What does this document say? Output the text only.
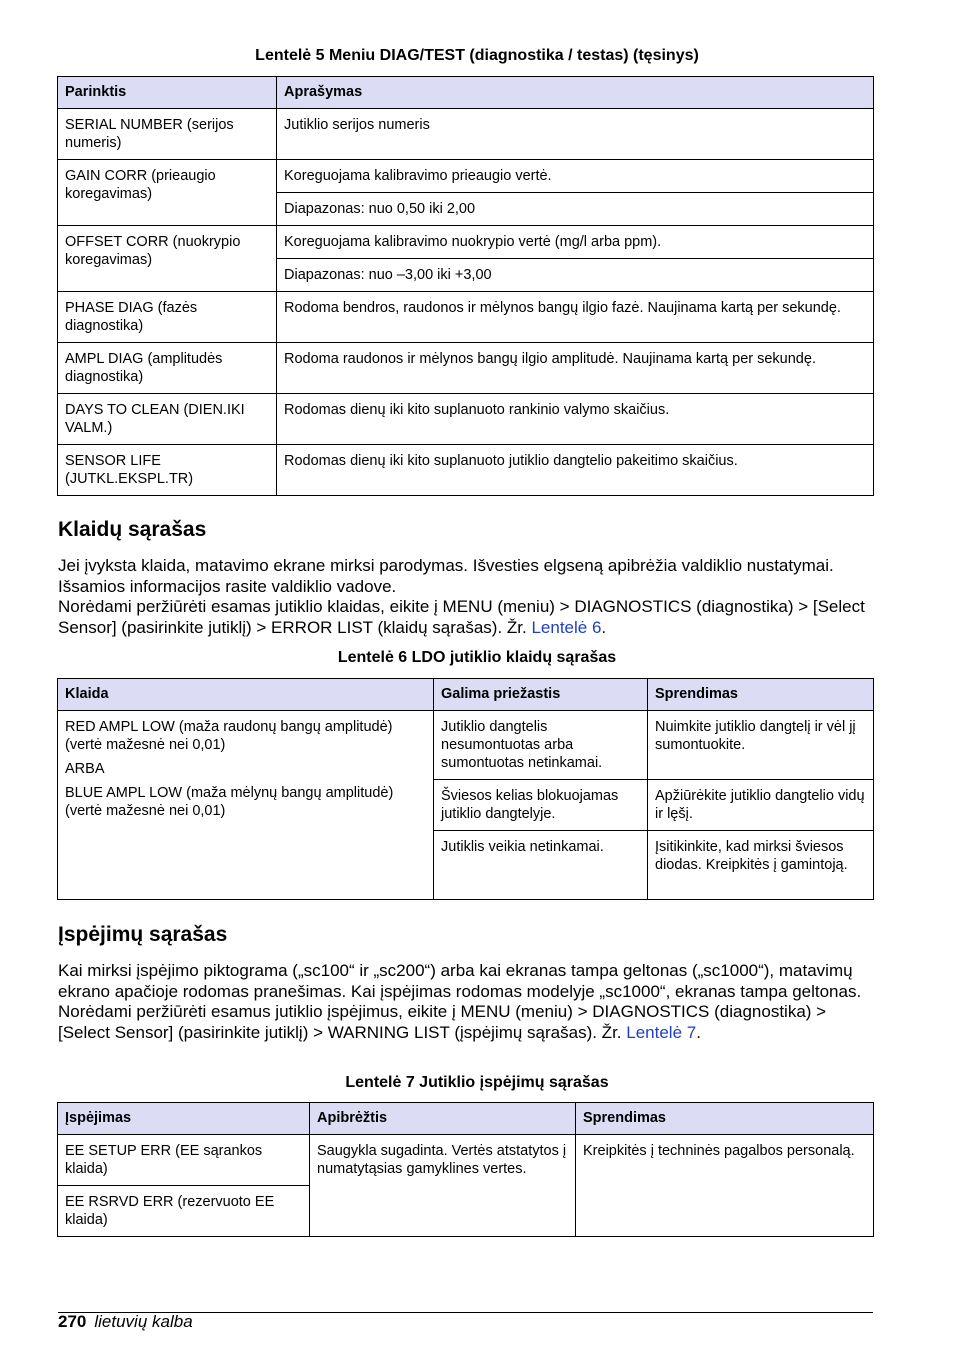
Lentelė 5 Meniu DIAG/TEST (diagnostika / testas) (tęsinys)
Parinktis	Aprašymas
SERIAL NUMBER (serijos numeris)	Jutiklio serijos numeris
GAIN CORR (prieaugio koregavimas)	Koreguojama kalibravimo prieaugio vertė.
	Diapazonas: nuo 0,50 iki 2,00
OFFSET CORR (nuokrypio koregavimas)	Koreguojama kalibravimo nuokrypio vertė (mg/l arba ppm).
	Diapazonas: nuo –3,00 iki +3,00
PHASE DIAG (fazės diagnostika)	Rodoma bendros, raudonos ir mėlynos bangų ilgio fazė. Naujinama kartą per sekundę.
AMPL DIAG (amplitudės diagnostika)	Rodoma raudonos ir mėlynos bangų ilgio amplitudė. Naujinama kartą per sekundę.
DAYS TO CLEAN (DIEN.IKI VALM.)	Rodomas dienų iki kito suplanuoto rankinio valymo skaičius.
SENSOR LIFE (JUTKL.EKSPL.TR)	Rodomas dienų iki kito suplanuoto jutiklio dangtelio pakeitimo skaičius.
Klaidų sąrašas
Jei įvyksta klaida, matavimo ekrane mirksi parodymas. Išvesties elgseną apibrėžia valdiklio nustatymai. Išsamios informacijos rasite valdiklio vadove.
Norėdami peržiūrėti esamas jutiklio klaidas, eikite į MENU (meniu) > DIAGNOSTICS (diagnostika) > [Select Sensor] (pasirinkite jutiklį) > ERROR LIST (klaidų sąrašas). Žr. Lentelė 6.
Lentelė 6 LDO jutiklio klaidų sąrašas
Klaida	Galima priežastis	Sprendimas

RED AMPL LOW (maža raudonų bangų amplitudė) (vertė mažesnė nei 0,01)

ARBA

BLUE AMPL LOW (maža mėlynų bangų amplitudė) (vertė mažesnė nei 0,01)	Jutiklio dangtelis nesumontuotas arba sumontuotas netinkamai.	Nuimkite jutiklio dangtelį ir vėl jį sumontuokite.
	Šviesos kelias blokuojamas jutiklio dangtelyje.	Apžiūrėkite jutiklio dangtelio vidų ir lęšį.
	Jutiklis veikia netinkamai.	Įsitikinkite, kad mirksi šviesos diodas. Kreipkitės į gamintoją.
Įspėjimų sąrašas
Kai mirksi įspėjimo piktograma („sc100“ ir „sc200“) arba kai ekranas tampa geltonas („sc1000“), matavimų ekrano apačioje rodomas pranešimas. Kai įspėjimas rodomas modelyje „sc1000“, ekranas tampa geltonas. Norėdami peržiūrėti esamus jutiklio įspėjimus, eikite į MENU (meniu) > DIAGNOSTICS (diagnostika) > [Select Sensor] (pasirinkite jutiklį) > WARNING LIST (įspėjimų sąrašas). Žr. Lentelė 7.
Lentelė 7 Jutiklio įspėjimų sąrašas
Įspėjimas	Apibrėžtis	Sprendimas
EE SETUP ERR (EE sąrankos klaida)	Saugykla sugadinta. Vertės atstatytos į numatytąsias gamyklines vertes.	Kreipkitės į techninės pagalbos personalą.
EE RSRVD ERR (rezervuoto EE klaida)		
270 lietuvių kalba
